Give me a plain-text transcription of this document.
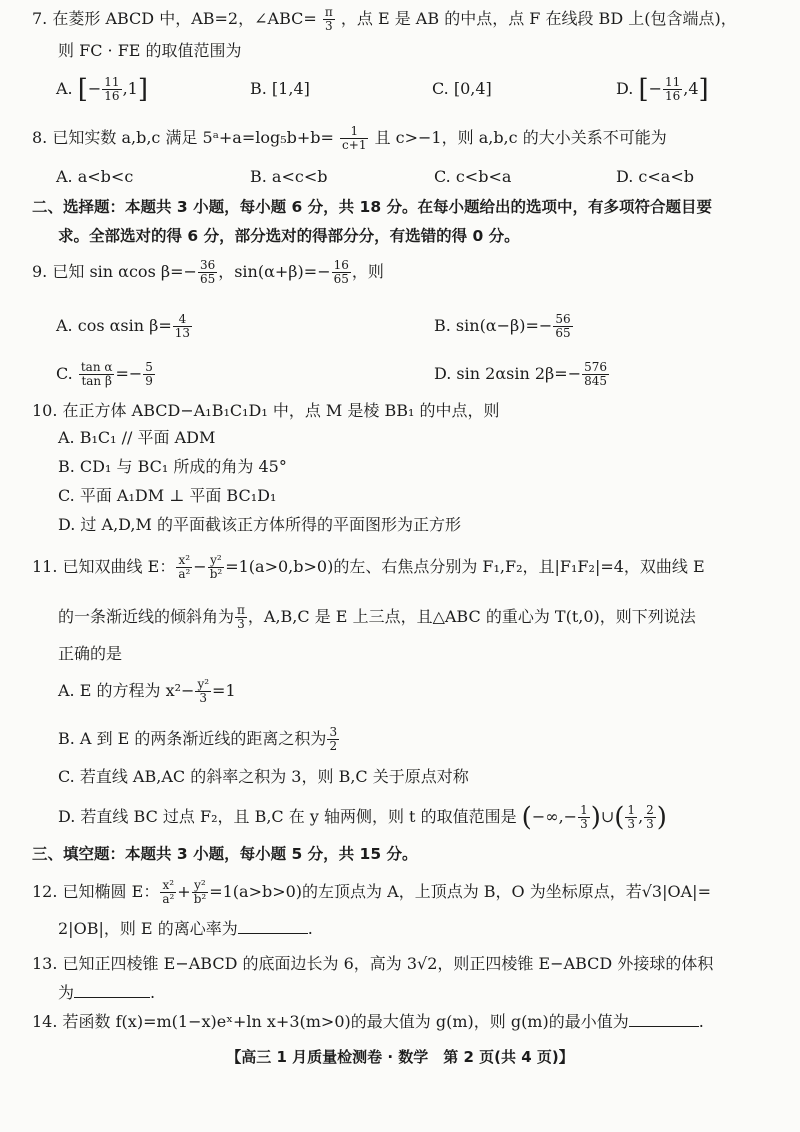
7. 在菱形 ABCD 中，AB=2，∠ABC= $\frac{\pi}{3}$ ，点 E 是 AB 的中点，点 F 在线段 BD 上(包含端点)，
则 FC · FE 的取值范围为
A. [− $\frac{11}{16} ,1$]	B. [1,4]	C. [0,4]	D. [− $\frac{11}{16} ,4$]
8. 已知实数 a,b,c 满足 5ᵃ+a=log₅b+b= $\frac{1}{c+1}$ 且 c>−1，则 a,b,c 的大小关系不可能为
A. a<b<c	B. a<c<b	C. c<b<a	D. c<a<b
二、选择题：本题共 3 小题，每小题 6 分，共 18 分。在每小题给出的选项中，有多项符合题目要
求。全部选对的得 6 分，部分选对的得部分分，有选错的得 0 分。
9. 已知 sin αcos $\beta=- \frac{36}{65}$ ，$\sin(\alpha+\beta)=- \frac{16}{65}$ ，则
A. cos αsin $\beta= \frac{4}{13}$	B. $\sin(\alpha-\beta)=- \frac{56}{65}$
C. $\frac{\text{tan α}}{\text{tan β}} =- \frac{5}{9}$	D. sin 2αsin $2\beta=- \frac{576}{845}$
10. 在正方体 ABCD−A₁B₁C₁D₁ 中，点 M 是棱 BB₁ 的中点，则
A. B₁C₁ // 平面 ADM
B. CD₁ 与 BC₁ 所成的角为 45°
C. 平面 A₁DM ⊥ 平面 BC₁D₁
D. 过 A,D,M 的平面截该正方体所得的平面图形为正方形
11. 已知双曲线 E： $\frac{\text{x²}}{\text{a²}} - \frac{\text{y²}}{\text{b²}} =1(a>0,b>0)$的左、右焦点分别为 F₁,F₂，且|F₁F₂|=4，双曲线 E
的一条渐近线的倾斜角为 $\frac{\pi}{3}$ ，A,B,C 是 E 上三点，且△ABC 的重心为 T(t,0)，则下列说法
正确的是
A. E 的方程为 $x^2- \frac{\text{y²}}{3} =1$
B. A 到 E 的两条渐近线的距离之积为 $\frac{3}{2}$
C. 若直线 AB,AC 的斜率之积为 3，则 B,C 关于原点对称
D. 若直线 BC 过点 F₂，且 B,C 在 y 轴两侧，则 t 的取值范围是 (−∞,− $\frac{1}{3}$ )∪( $\frac{1}{3}$ , $\frac{2}{3}$ )
三、填空题：本题共 3 小题，每小题 5 分，共 15 分。
12. 已知椭圆 E： $\frac{\text{x²}}{\text{a²}} + \frac{\text{y²}}{\text{b²}} =1(a>b>0)$的左顶点为 A，上顶点为 B，O 为坐标原点，若√3|OA|=
2|OB|，则 E 的离心率为	.
13. 已知正四棱锥 E−ABCD 的底面边长为 6，高为 3√2，则正四棱锥 E−ABCD 外接球的体积
为	.
14. 若函数 f(x)=m(1−x)eˣ+ln x+3(m>0)的最大值为 g(m)，则 g(m)的最小值为	.
【高三 1 月质量检测卷 · 数学　第 2 页(共 4 页)】
